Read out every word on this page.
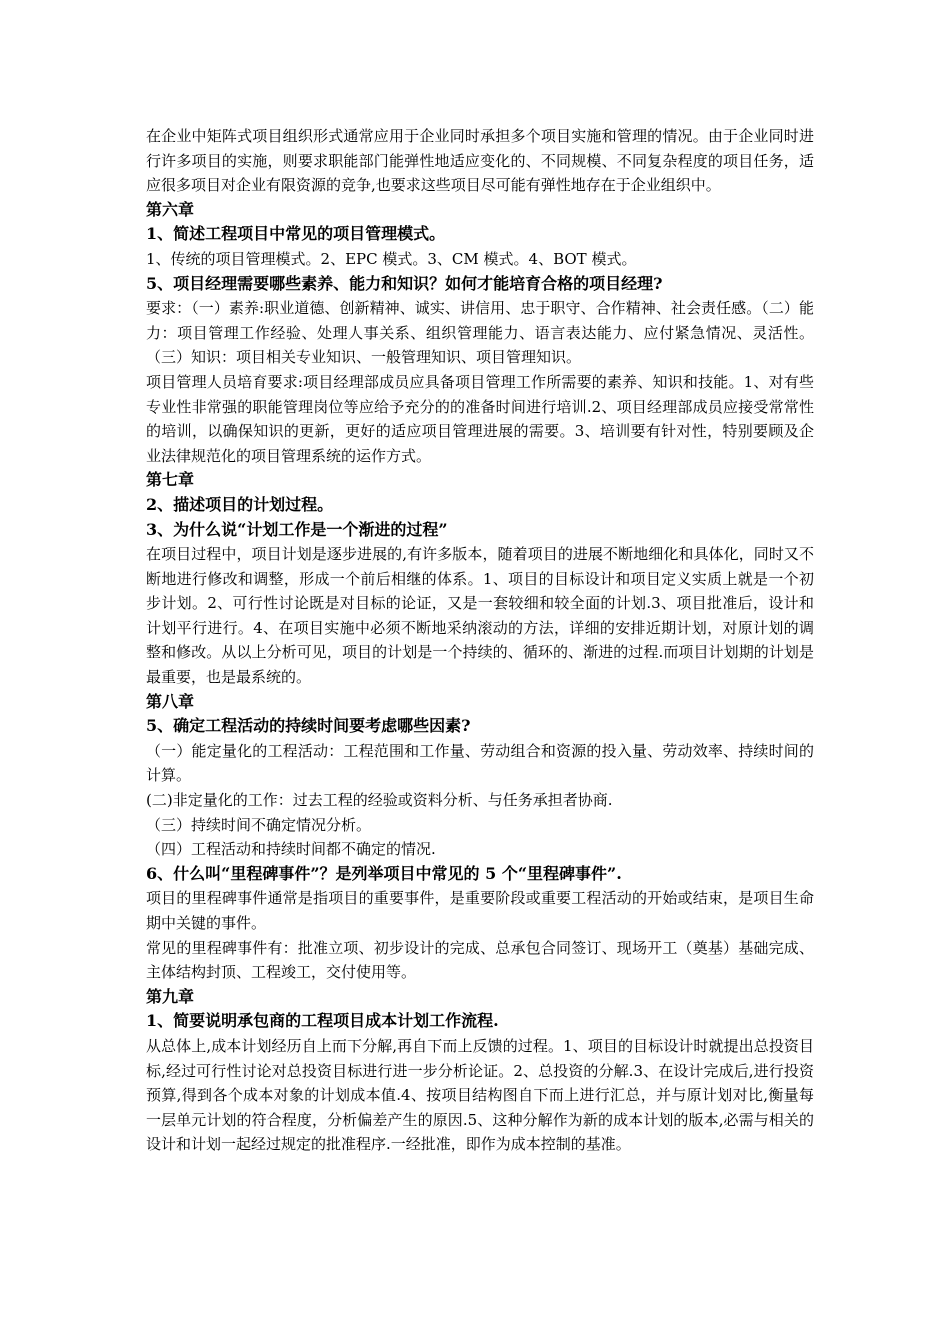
在企业中矩阵式项目组织形式通常应用于企业同时承担多个项目实施和管理的情况。由于企业同时进行许多项目的实施，则要求职能部门能弹性地适应变化的、不同规模、不同复杂程度的项目任务，适应很多项目对企业有限资源的竞争,也要求这些项目尽可能有弹性地存在于企业组织中。

第六章

1、简述工程项目中常见的项目管理模式。

1、传统的项目管理模式。2、EPC 模式。3、CM 模式。4、BOT 模式。

5、项目经理需要哪些素养、能力和知识？如何才能培育合格的项目经理?

要求：（一）素养:职业道德、创新精神、诚实、讲信用、忠于职守、合作精神、社会责任感。（二）能力：项目管理工作经验、处理人事关系、组织管理能力、语言表达能力、应付紧急情况、灵活性。（三）知识：项目相关专业知识、一般管理知识、项目管理知识。

项目管理人员培育要求:项目经理部成员应具备项目管理工作所需要的素养、知识和技能。1、对有些专业性非常强的职能管理岗位等应给予充分的的准备时间进行培训.2、项目经理部成员应接受常常性的培训，以确保知识的更新，更好的适应项目管理进展的需要。3、培训要有针对性，特别要顾及企业法律规范化的项目管理系统的运作方式。

第七章

2、描述项目的计划过程。

3、为什么说“计划工作是一个渐进的过程”

在项目过程中，项目计划是逐步进展的,有许多版本，随着项目的进展不断地细化和具体化，同时又不断地进行修改和调整，形成一个前后相继的体系。1、项目的目标设计和项目定义实质上就是一个初步计划。2、可行性讨论既是对目标的论证，又是一套较细和较全面的计划.3、项目批准后，设计和计划平行进行。4、在项目实施中必须不断地采纳滚动的方法，详细的安排近期计划，对原计划的调整和修改。从以上分析可见，项目的计划是一个持续的、循环的、渐进的过程.而项目计划期的计划是最重要，也是最系统的。

第八章

5、确定工程活动的持续时间要考虑哪些因素?

（一）能定量化的工程活动：工程范围和工作量、劳动组合和资源的投入量、劳动效率、持续时间的计算。

(二)非定量化的工作：过去工程的经验或资料分析、与任务承担者协商.

（三）持续时间不确定情况分析。

（四）工程活动和持续时间都不确定的情况.

6、什么叫“里程碑事件”？是列举项目中常见的 5 个“里程碑事件”.

项目的里程碑事件通常是指项目的重要事件，是重要阶段或重要工程活动的开始或结束，是项目生命期中关键的事件。

常见的里程碑事件有：批准立项、初步设计的完成、总承包合同签订、现场开工（奠基）基础完成、主体结构封顶、工程竣工，交付使用等。

第九章

1、简要说明承包商的工程项目成本计划工作流程.

从总体上,成本计划经历自上而下分解,再自下而上反馈的过程。1、项目的目标设计时就提出总投资目标,经过可行性讨论对总投资目标进行进一步分析论证。2、总投资的分解.3、在设计完成后,进行投资预算,得到各个成本对象的计划成本值.4、按项目结构图自下而上进行汇总，并与原计划对比,衡量每一层单元计划的符合程度，分析偏差产生的原因.5、这种分解作为新的成本计划的版本,必需与相关的设计和计划一起经过规定的批准程序.一经批准，即作为成本控制的基准。
